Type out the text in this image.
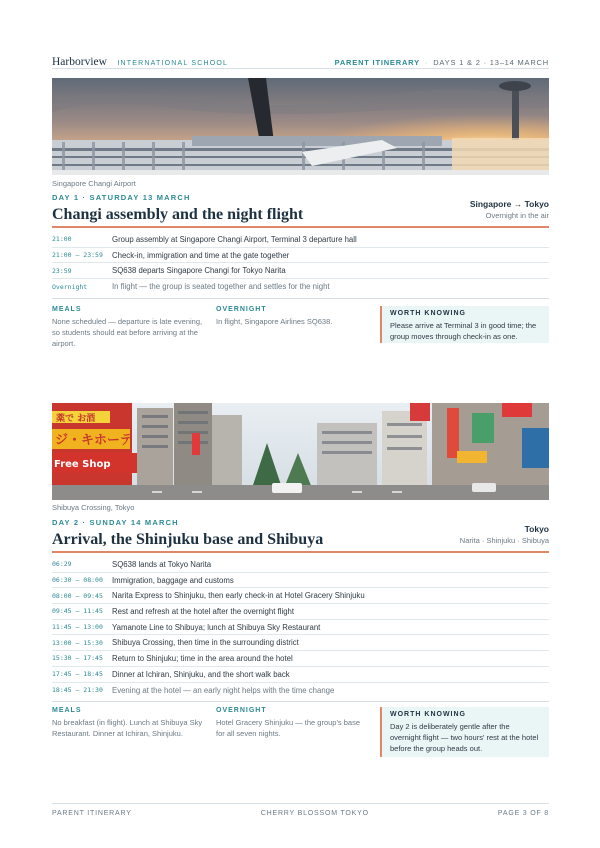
Harborview INTERNATIONAL SCHOOL	PARENT ITINERARY · DAYS 1 & 2 · 13–14 MARCH
Singapore Changi Airport
DAY 1 · SATURDAY 13 MARCH
Changi assembly and the night flight
Singapore → Tokyo
Overnight in the air
21:00	Group assembly at Singapore Changi Airport, Terminal 3 departure hall
21:00 – 23:59	Check-in, immigration and time at the gate together
23:59	SQ638 departs Singapore Changi for Tokyo Narita
Overnight	In flight — the group is seated together and settles for the night
MEALS

None scheduled — departure is late evening, so students should eat before arriving at the airport.

OVERNIGHT

In flight, Singapore Airlines SQ638.

WORTH KNOWING

Please arrive at Terminal 3 in good time; the group moves through check-in as one.

薬で お酒
ジ・キホーテ
Free Shop
Shibuya Crossing, Tokyo
DAY 2 · SUNDAY 14 MARCH
Arrival, the Shinjuku base and Shibuya
Tokyo
Narita · Shinjuku · Shibuya
06:29	SQ638 lands at Tokyo Narita
06:30 – 08:00	Immigration, baggage and customs
08:00 – 09:45	Narita Express to Shinjuku, then early check-in at Hotel Gracery Shinjuku
09:45 – 11:45	Rest and refresh at the hotel after the overnight flight
11:45 – 13:00	Yamanote Line to Shibuya; lunch at Shibuya Sky Restaurant
13:00 – 15:30	Shibuya Crossing, then time in the surrounding district
15:30 – 17:45	Return to Shinjuku; time in the area around the hotel
17:45 – 18:45	Dinner at Ichiran, Shinjuku, and the short walk back
18:45 – 21:30	Evening at the hotel — an early night helps with the time change
MEALS

No breakfast (in flight). Lunch at Shibuya Sky Restaurant. Dinner at Ichiran, Shinjuku.

OVERNIGHT

Hotel Gracery Shinjuku — the group's base for all seven nights.

WORTH KNOWING

Day 2 is deliberately gentle after the overnight flight — two hours' rest at the hotel before the group heads out.

PARENT ITINERARY	CHERRY BLOSSOM TOKYO	PAGE 3 OF 8
